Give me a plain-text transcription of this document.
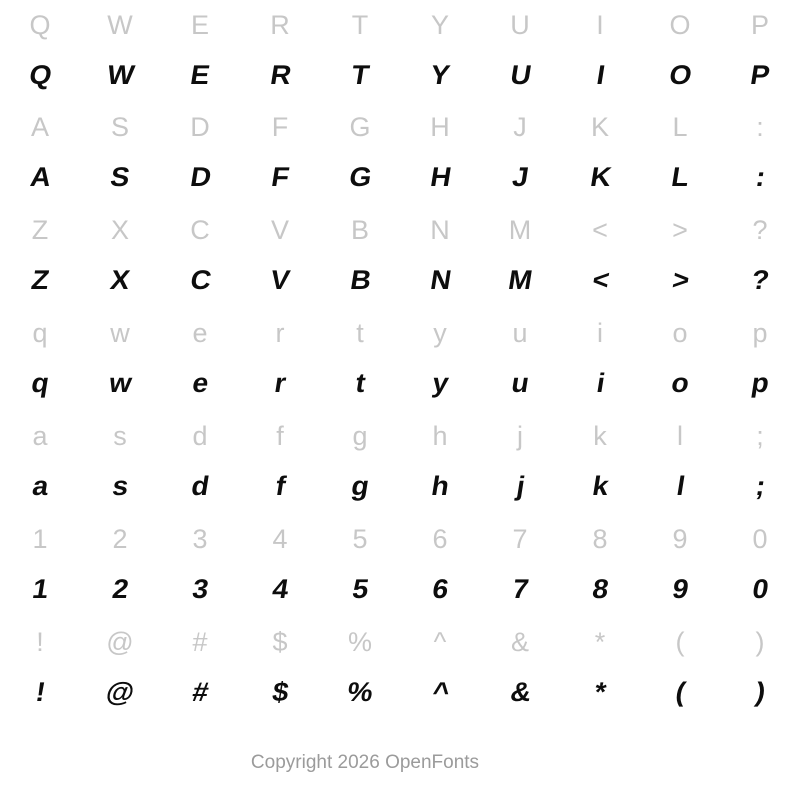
Q W E R T Y U I O P
Q W E R T Y U I O P
A S D F G H J K L	:
A S D F G H J K L :
Z X C V B N M < > ?
Z X C V B N M < > ?
q w e	r	t	y u	i	o p
q w e r t y u i o p
a s d	f	g h	j	k	l	;
a s d f g h j k l	;
1 2 3 4 5 6 7 8 9 0
1 2 3 4 5 6 7 8 9 0
! @ # $ % ^ & *	(	)
! @ # $ % ^ & * ( )
Copyright 2026 OpenFonts
